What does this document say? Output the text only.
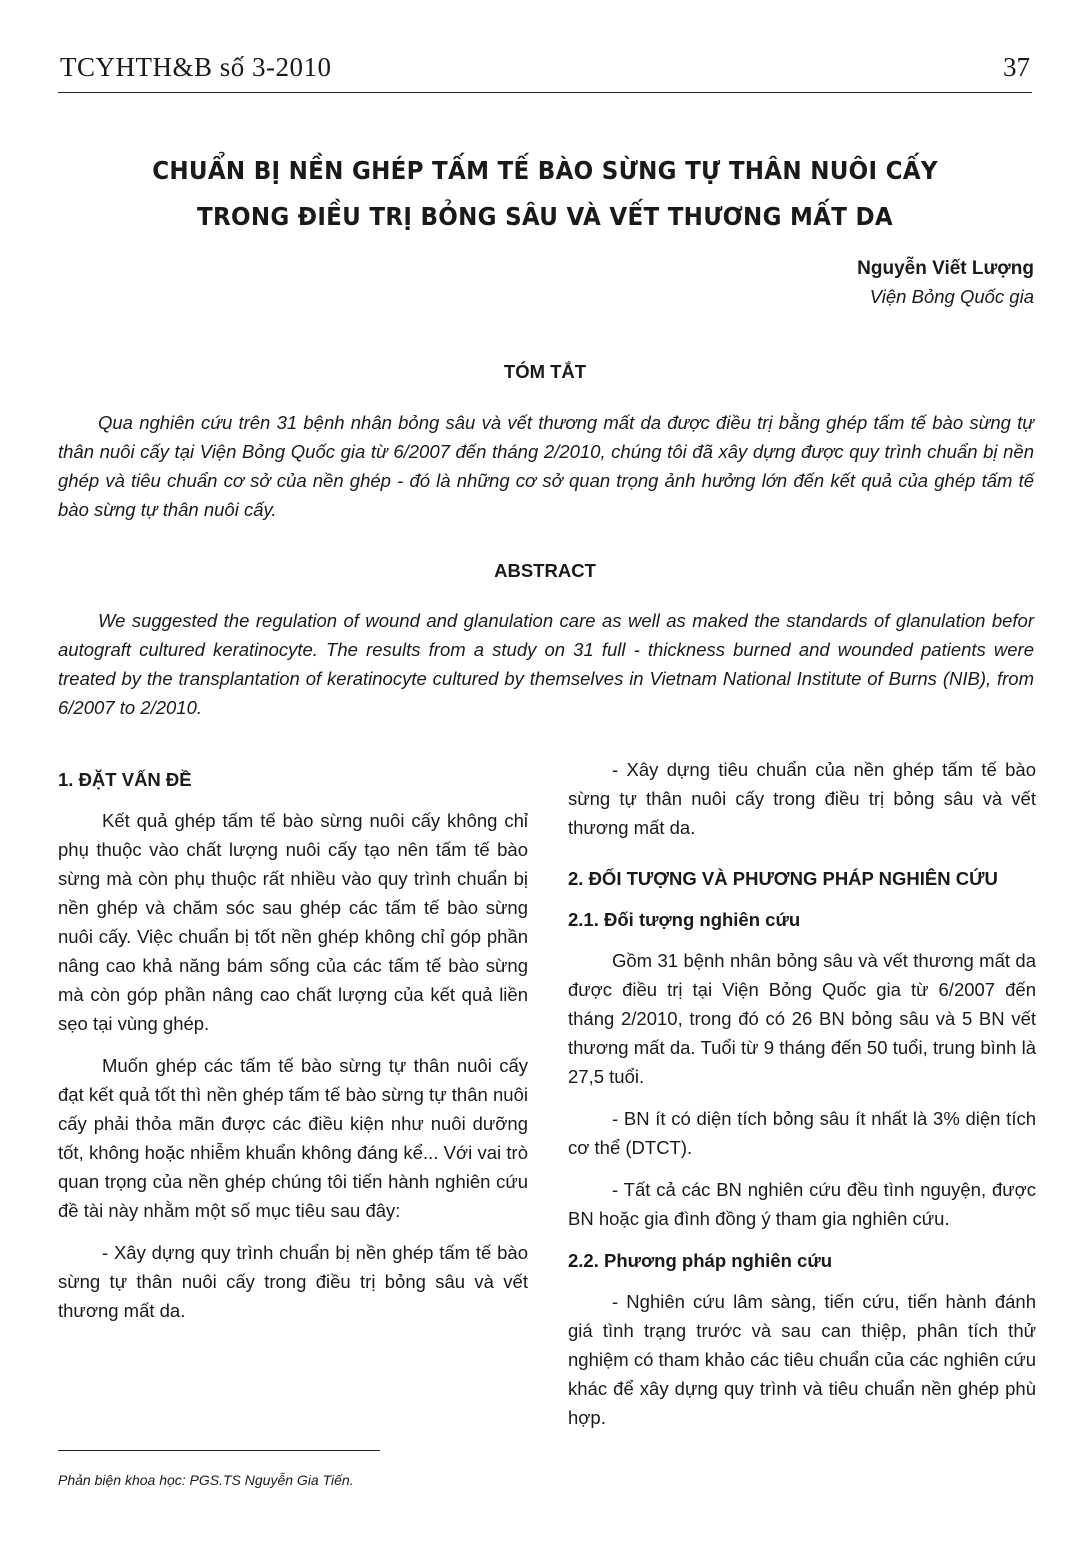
TCYHTH&B số 3-2010	37
CHUẨN BỊ NỀN GHÉP TẤM TẾ BÀO SỪNG TỰ THÂN NUÔI CẤY
TRONG ĐIỀU TRỊ BỎNG SÂU VÀ VẾT THƯƠNG MẤT DA
Nguyễn Viết Lượng
Viện Bỏng Quốc gia
TÓM TẮT
Qua nghiên cứu trên 31 bệnh nhân bỏng sâu và vết thương mất da được điều trị bằng ghép tấm tế bào sừng tự thân nuôi cấy tại Viện Bỏng Quốc gia từ 6/2007 đến tháng 2/2010, chúng tôi đã xây dựng được quy trình chuẩn bị nền ghép và tiêu chuẩn cơ sở của nền ghép - đó là những cơ sở quan trọng ảnh hưởng lớn đến kết quả của ghép tấm tế bào sừng tự thân nuôi cấy.
ABSTRACT
We suggested the regulation of wound and glanulation care as well as maked the standards of glanulation befor autograft cultured keratinocyte. The results from a study on 31 full - thickness burned and wounded patients were treated by the transplantation of keratinocyte cultured by themselves in Vietnam National Institute of Burns (NIB), from 6/2007 to 2/2010.
1. ĐẶT VẤN ĐỀ

Kết quả ghép tấm tế bào sừng nuôi cấy không chỉ phụ thuộc vào chất lượng nuôi cấy tạo nên tấm tế bào sừng mà còn phụ thuộc rất nhiều vào quy trình chuẩn bị nền ghép và chăm sóc sau ghép các tấm tế bào sừng nuôi cấy. Việc chuẩn bị tốt nền ghép không chỉ góp phần nâng cao khả năng bám sống của các tấm tế bào sừng mà còn góp phần nâng cao chất lượng của kết quả liền sẹo tại vùng ghép.

Muốn ghép các tấm tế bào sừng tự thân nuôi cấy đạt kết quả tốt thì nền ghép tấm tế bào sừng tự thân nuôi cấy phải thỏa mãn được các điều kiện như nuôi dưỡng tốt, không hoặc nhiễm khuẩn không đáng kể... Với vai trò quan trọng của nền ghép chúng tôi tiến hành nghiên cứu đề tài này nhằm một số mục tiêu sau đây:

- Xây dựng quy trình chuẩn bị nền ghép tấm tế bào sừng tự thân nuôi cấy trong điều trị bỏng sâu và vết thương mất da.

- Xây dựng tiêu chuẩn của nền ghép tấm tế bào sừng tự thân nuôi cấy trong điều trị bỏng sâu và vết thương mất da.

2. ĐỐI TƯỢNG VÀ PHƯƠNG PHÁP NGHIÊN CỨU
2.1. Đối tượng nghiên cứu

Gồm 31 bệnh nhân bỏng sâu và vết thương mất da được điều trị tại Viện Bỏng Quốc gia từ 6/2007 đến tháng 2/2010, trong đó có 26 BN bỏng sâu và 5 BN vết thương mất da. Tuổi từ 9 tháng đến 50 tuổi, trung bình là 27,5 tuổi.

- BN ít có diện tích bỏng sâu ít nhất là 3% diện tích cơ thể (DTCT).

- Tất cả các BN nghiên cứu đều tình nguyện, được BN hoặc gia đình đồng ý tham gia nghiên cứu.

2.2. Phương pháp nghiên cứu

- Nghiên cứu lâm sàng, tiến cứu, tiến hành đánh giá tình trạng trước và sau can thiệp, phân tích thử nghiệm có tham khảo các tiêu chuẩn của các nghiên cứu khác để xây dựng quy trình và tiêu chuẩn nền ghép phù hợp.

Phản biện khoa học: PGS.TS Nguyễn Gia Tiến.
